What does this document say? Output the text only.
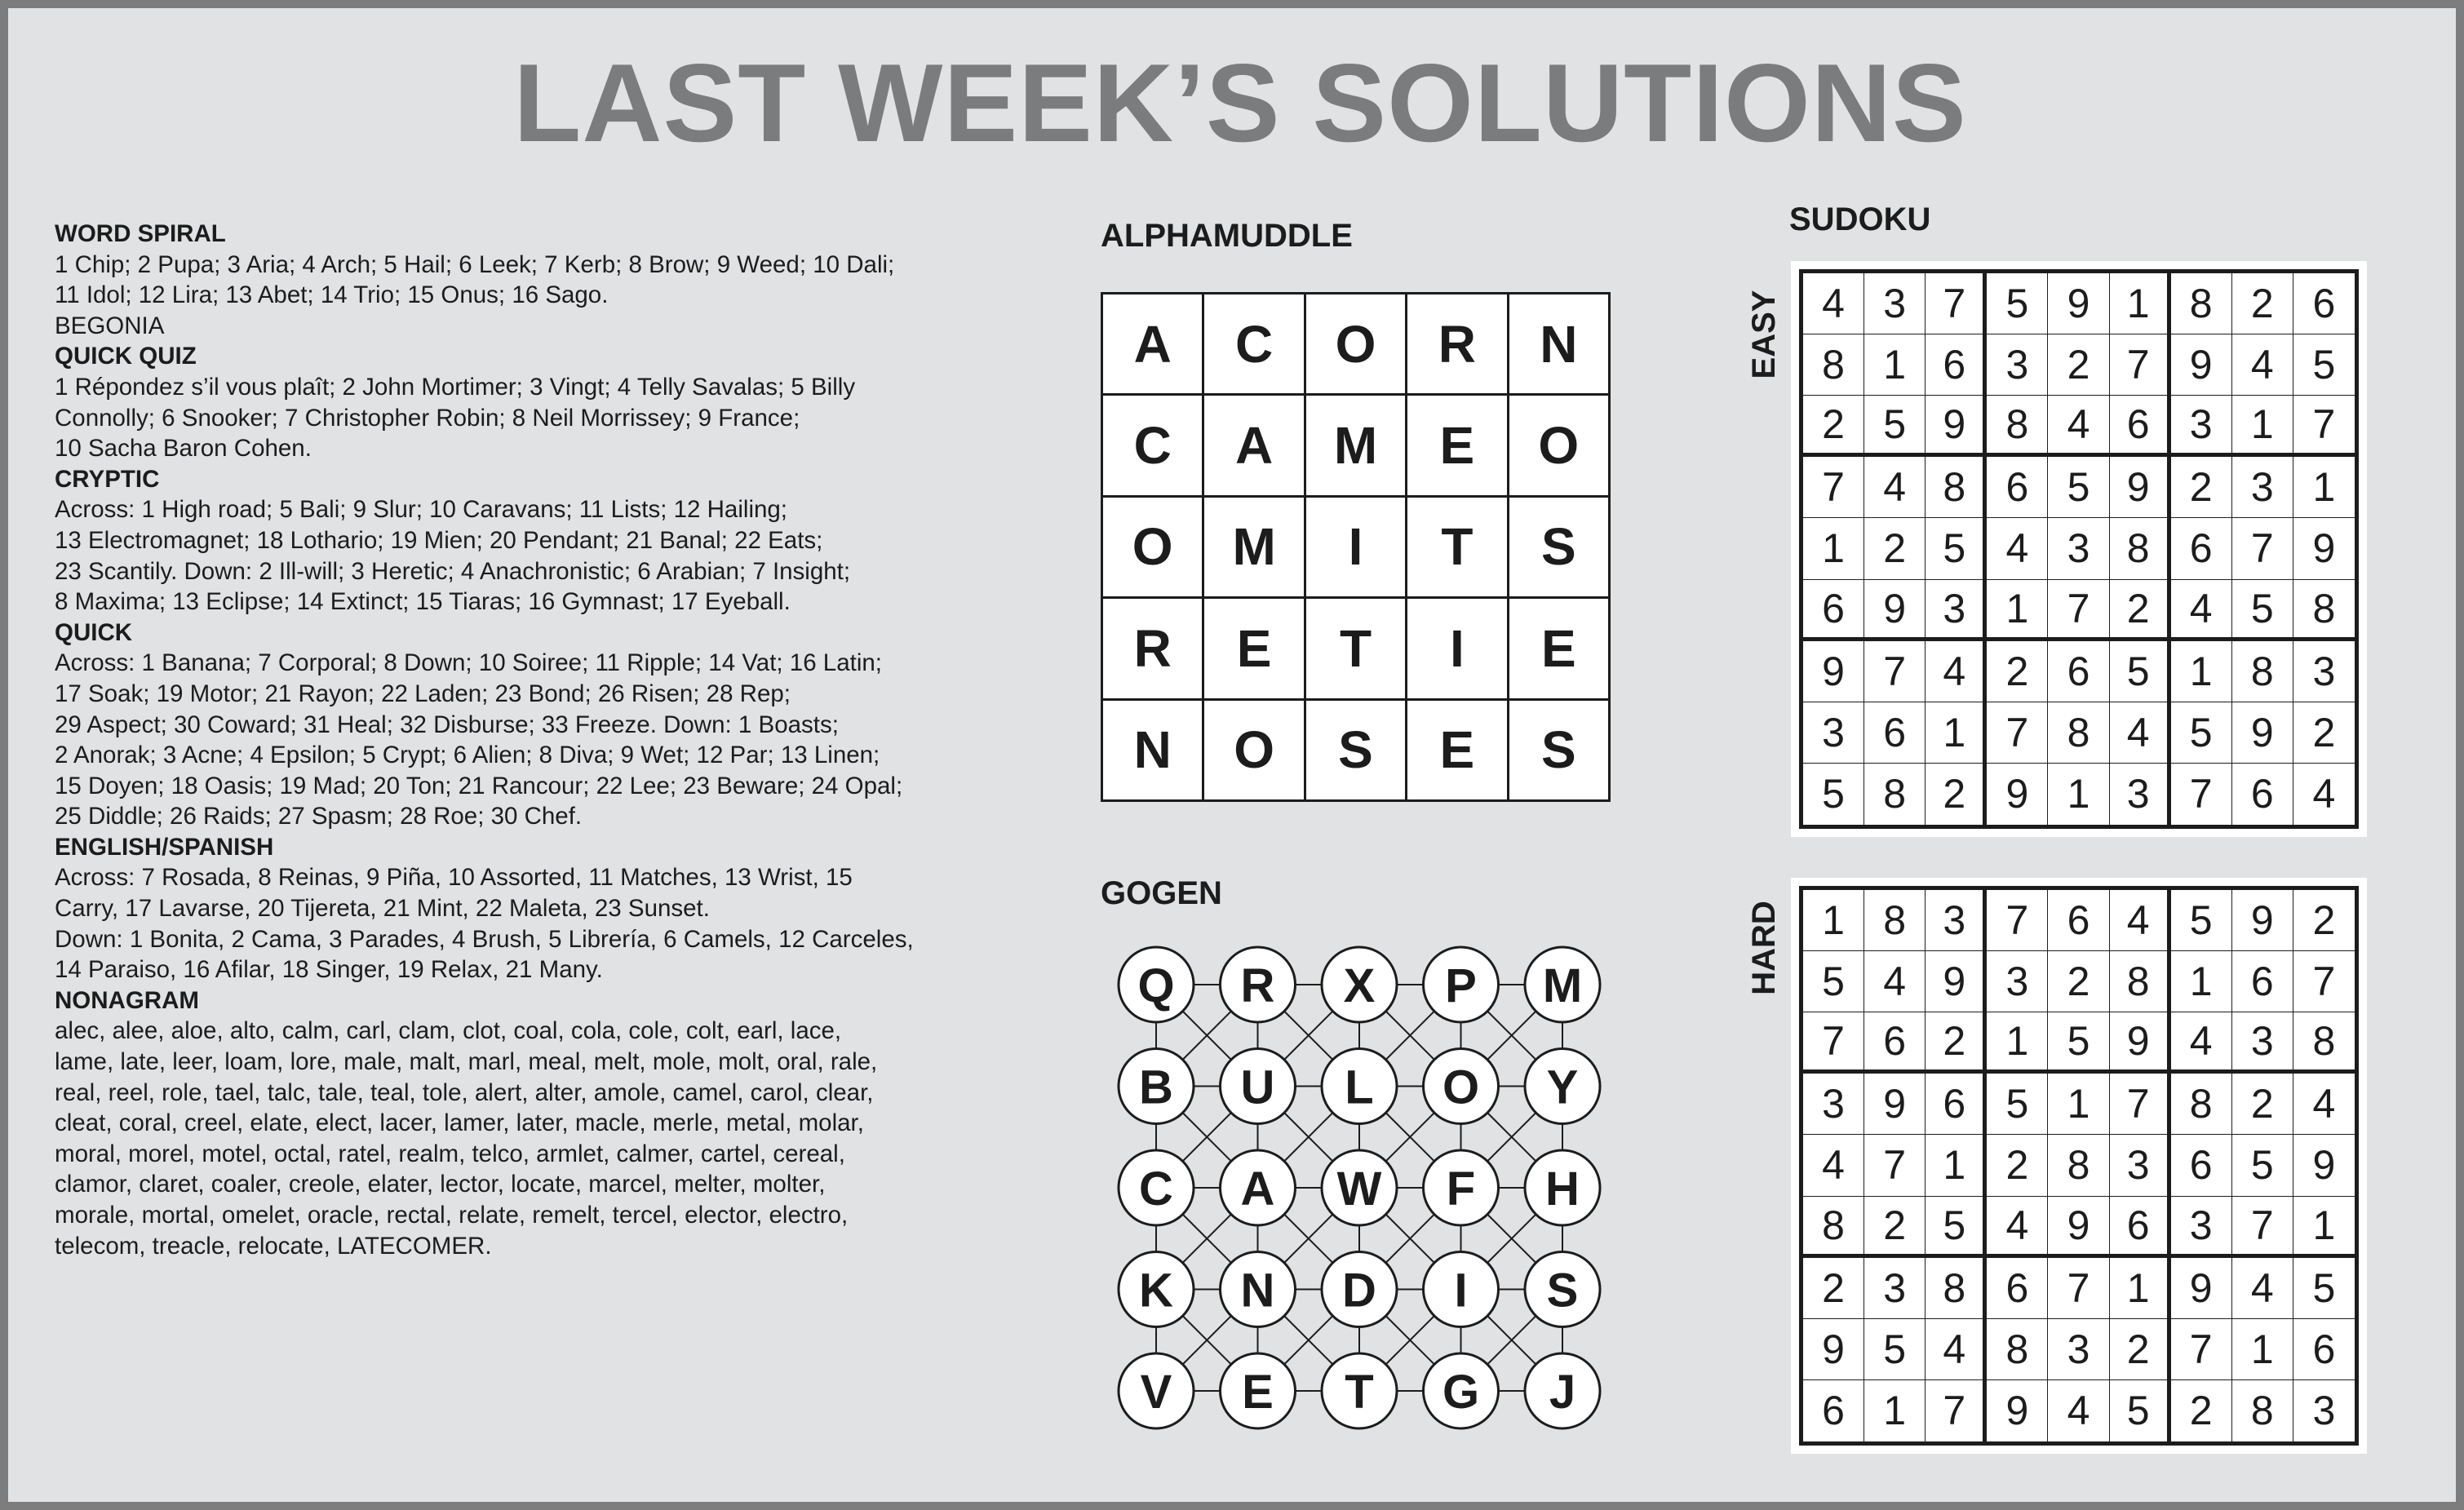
LAST WEEK’S SOLUTIONS
WORD SPIRAL
1 Chip; 2 Pupa; 3 Aria; 4 Arch; 5 Hail; 6 Leek; 7 Kerb; 8 Brow; 9 Weed; 10 Dali;
11 Idol; 12 Lira; 13 Abet; 14 Trio; 15 Onus; 16 Sago.
BEGONIA
QUICK QUIZ
1 Répondez s’il vous plaît; 2 John Mortimer; 3 Vingt; 4 Telly Savalas; 5 Billy
Connolly; 6 Snooker; 7 Christopher Robin; 8 Neil Morrissey; 9 France;
10 Sacha Baron Cohen.
CRYPTIC
Across: 1 High road; 5 Bali; 9 Slur; 10 Caravans; 11 Lists; 12 Hailing;
13 Electromagnet; 18 Lothario; 19 Mien; 20 Pendant; 21 Banal; 22 Eats;
23 Scantily. Down: 2 Ill-will; 3 Heretic; 4 Anachronistic; 6 Arabian; 7 Insight;
8 Maxima; 13 Eclipse; 14 Extinct; 15 Tiaras; 16 Gymnast; 17 Eyeball.
QUICK
Across: 1 Banana; 7 Corporal; 8 Down; 10 Soiree; 11 Ripple; 14 Vat; 16 Latin;
17 Soak; 19 Motor; 21 Rayon; 22 Laden; 23 Bond; 26 Risen; 28 Rep;
29 Aspect; 30 Coward; 31 Heal; 32 Disburse; 33 Freeze. Down: 1 Boasts;
2 Anorak; 3 Acne; 4 Epsilon; 5 Crypt; 6 Alien; 8 Diva; 9 Wet; 12 Par; 13 Linen;
15 Doyen; 18 Oasis; 19 Mad; 20 Ton; 21 Rancour; 22 Lee; 23 Beware; 24 Opal;
25 Diddle; 26 Raids; 27 Spasm; 28 Roe; 30 Chef.
ENGLISH/SPANISH
Across: 7 Rosada, 8 Reinas, 9 Piña, 10 Assorted, 11 Matches, 13 Wrist, 15
Carry, 17 Lavarse, 20 Tijereta, 21 Mint, 22 Maleta, 23 Sunset.
Down: 1 Bonita, 2 Cama, 3 Parades, 4 Brush, 5 Librería, 6 Camels, 12 Carceles,
14 Paraiso, 16 Afilar, 18 Singer, 19 Relax, 21 Many.
NONAGRAM
alec, alee, aloe, alto, calm, carl, clam, clot, coal, cola, cole, colt, earl, lace,
lame, late, leer, loam, lore, male, malt, marl, meal, melt, mole, molt, oral, rale,
real, reel, role, tael, talc, tale, teal, tole, alert, alter, amole, camel, carol, clear,
cleat, coral, creel, elate, elect, lacer, lamer, later, macle, merle, metal, molar,
moral, morel, motel, octal, ratel, realm, telco, armlet, calmer, cartel, cereal,
clamor, claret, coaler, creole, elater, lector, locate, marcel, melter, molter,
morale, mortal, omelet, oracle, rectal, relate, remelt, tercel, elector, electro,
telecom, treacle, relocate, LATECOMER.
ALPHAMUDDLE
A	C	O	R	N
C	A	M	E	O
O	M	I	T	S
R	E	T	I	E
N	O	S	E	S
GOGEN
Q R X P M
B U L O Y
C A W F H
K N D I S
V E T G J
SUDOKU
EASY 4 3 7 5 9 1 8 2 6
8 1 6 3 2 7 9 4 5
2 5 9 8 4 6 3 1 7
7 4 8 6 5 9 2 3 1
1 2 5 4 3 8 6 7 9
6 9 3 1 7 2 4 5 8
9 7 4 2 6 5 1 8 3
3 6 1 7 8 4 5 9 2
5 8 2 9 1 3 7 6 4
HARD 1 8 3 7 6 4 5 9 2
5 4 9 3 2 8 1 6 7
7 6 2 1 5 9 4 3 8
3 9 6 5 1 7 8 2 4
4 7 1 2 8 3 6 5 9
8 2 5 4 9 6 3 7 1
2 3 8 6 7 1 9 4 5
9 5 4 8 3 2 7 1 6
6 1 7 9 4 5 2 8 3
